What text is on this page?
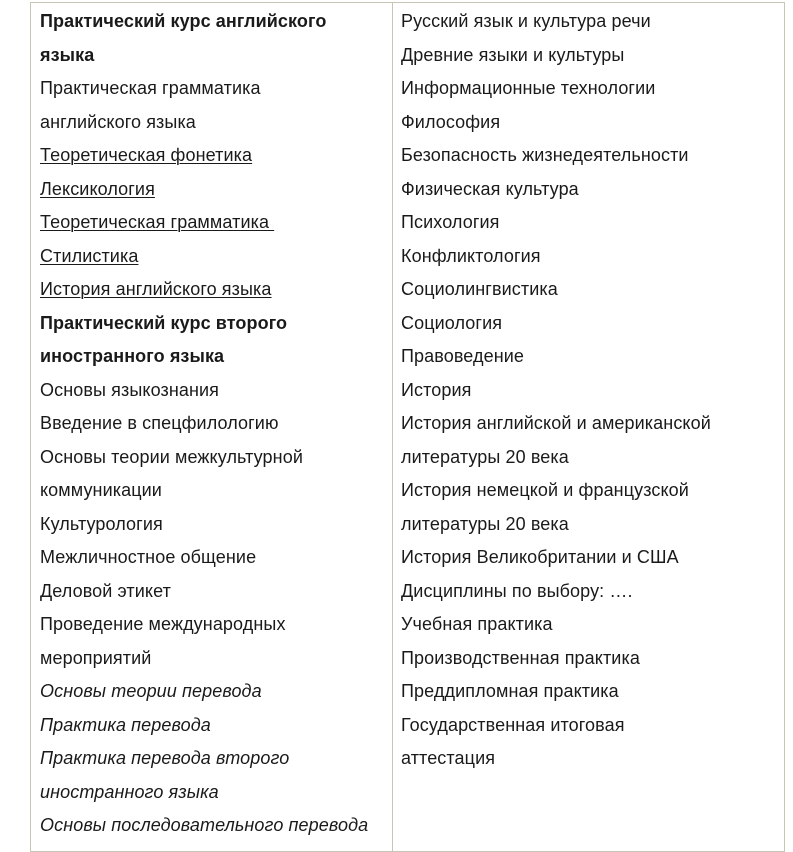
Практический курс английского
языка
Практическая грамматика
английского языка
Теоретическая фонетика
Лексикология
Теоретическая грамматика
Стилистика
История английского языка
Практический курс второго
иностранного языка
Основы языкознания
Введение в спецфилологию
Основы теории межкультурной
коммуникации
Культурология
Межличностное общение
Деловой этикет
Проведение международных
мероприятий
Основы теории перевода
Практика перевода
Практика перевода второго
иностранного языка
Основы последовательного перевода
Русский язык и культура речи
Древние языки и культуры
Информационные технологии
Философия
Безопасность жизнедеятельности
Физическая культура
Психология
Конфликтология
Социолингвистика
Социология
Правоведение
История
История английской и американской
литературы 20 века
История немецкой и французской
литературы 20 века
История Великобритании и США
Дисциплины по выбору: ….
Учебная практика
Производственная практика
Преддипломная практика
Государственная итоговая
аттестация
